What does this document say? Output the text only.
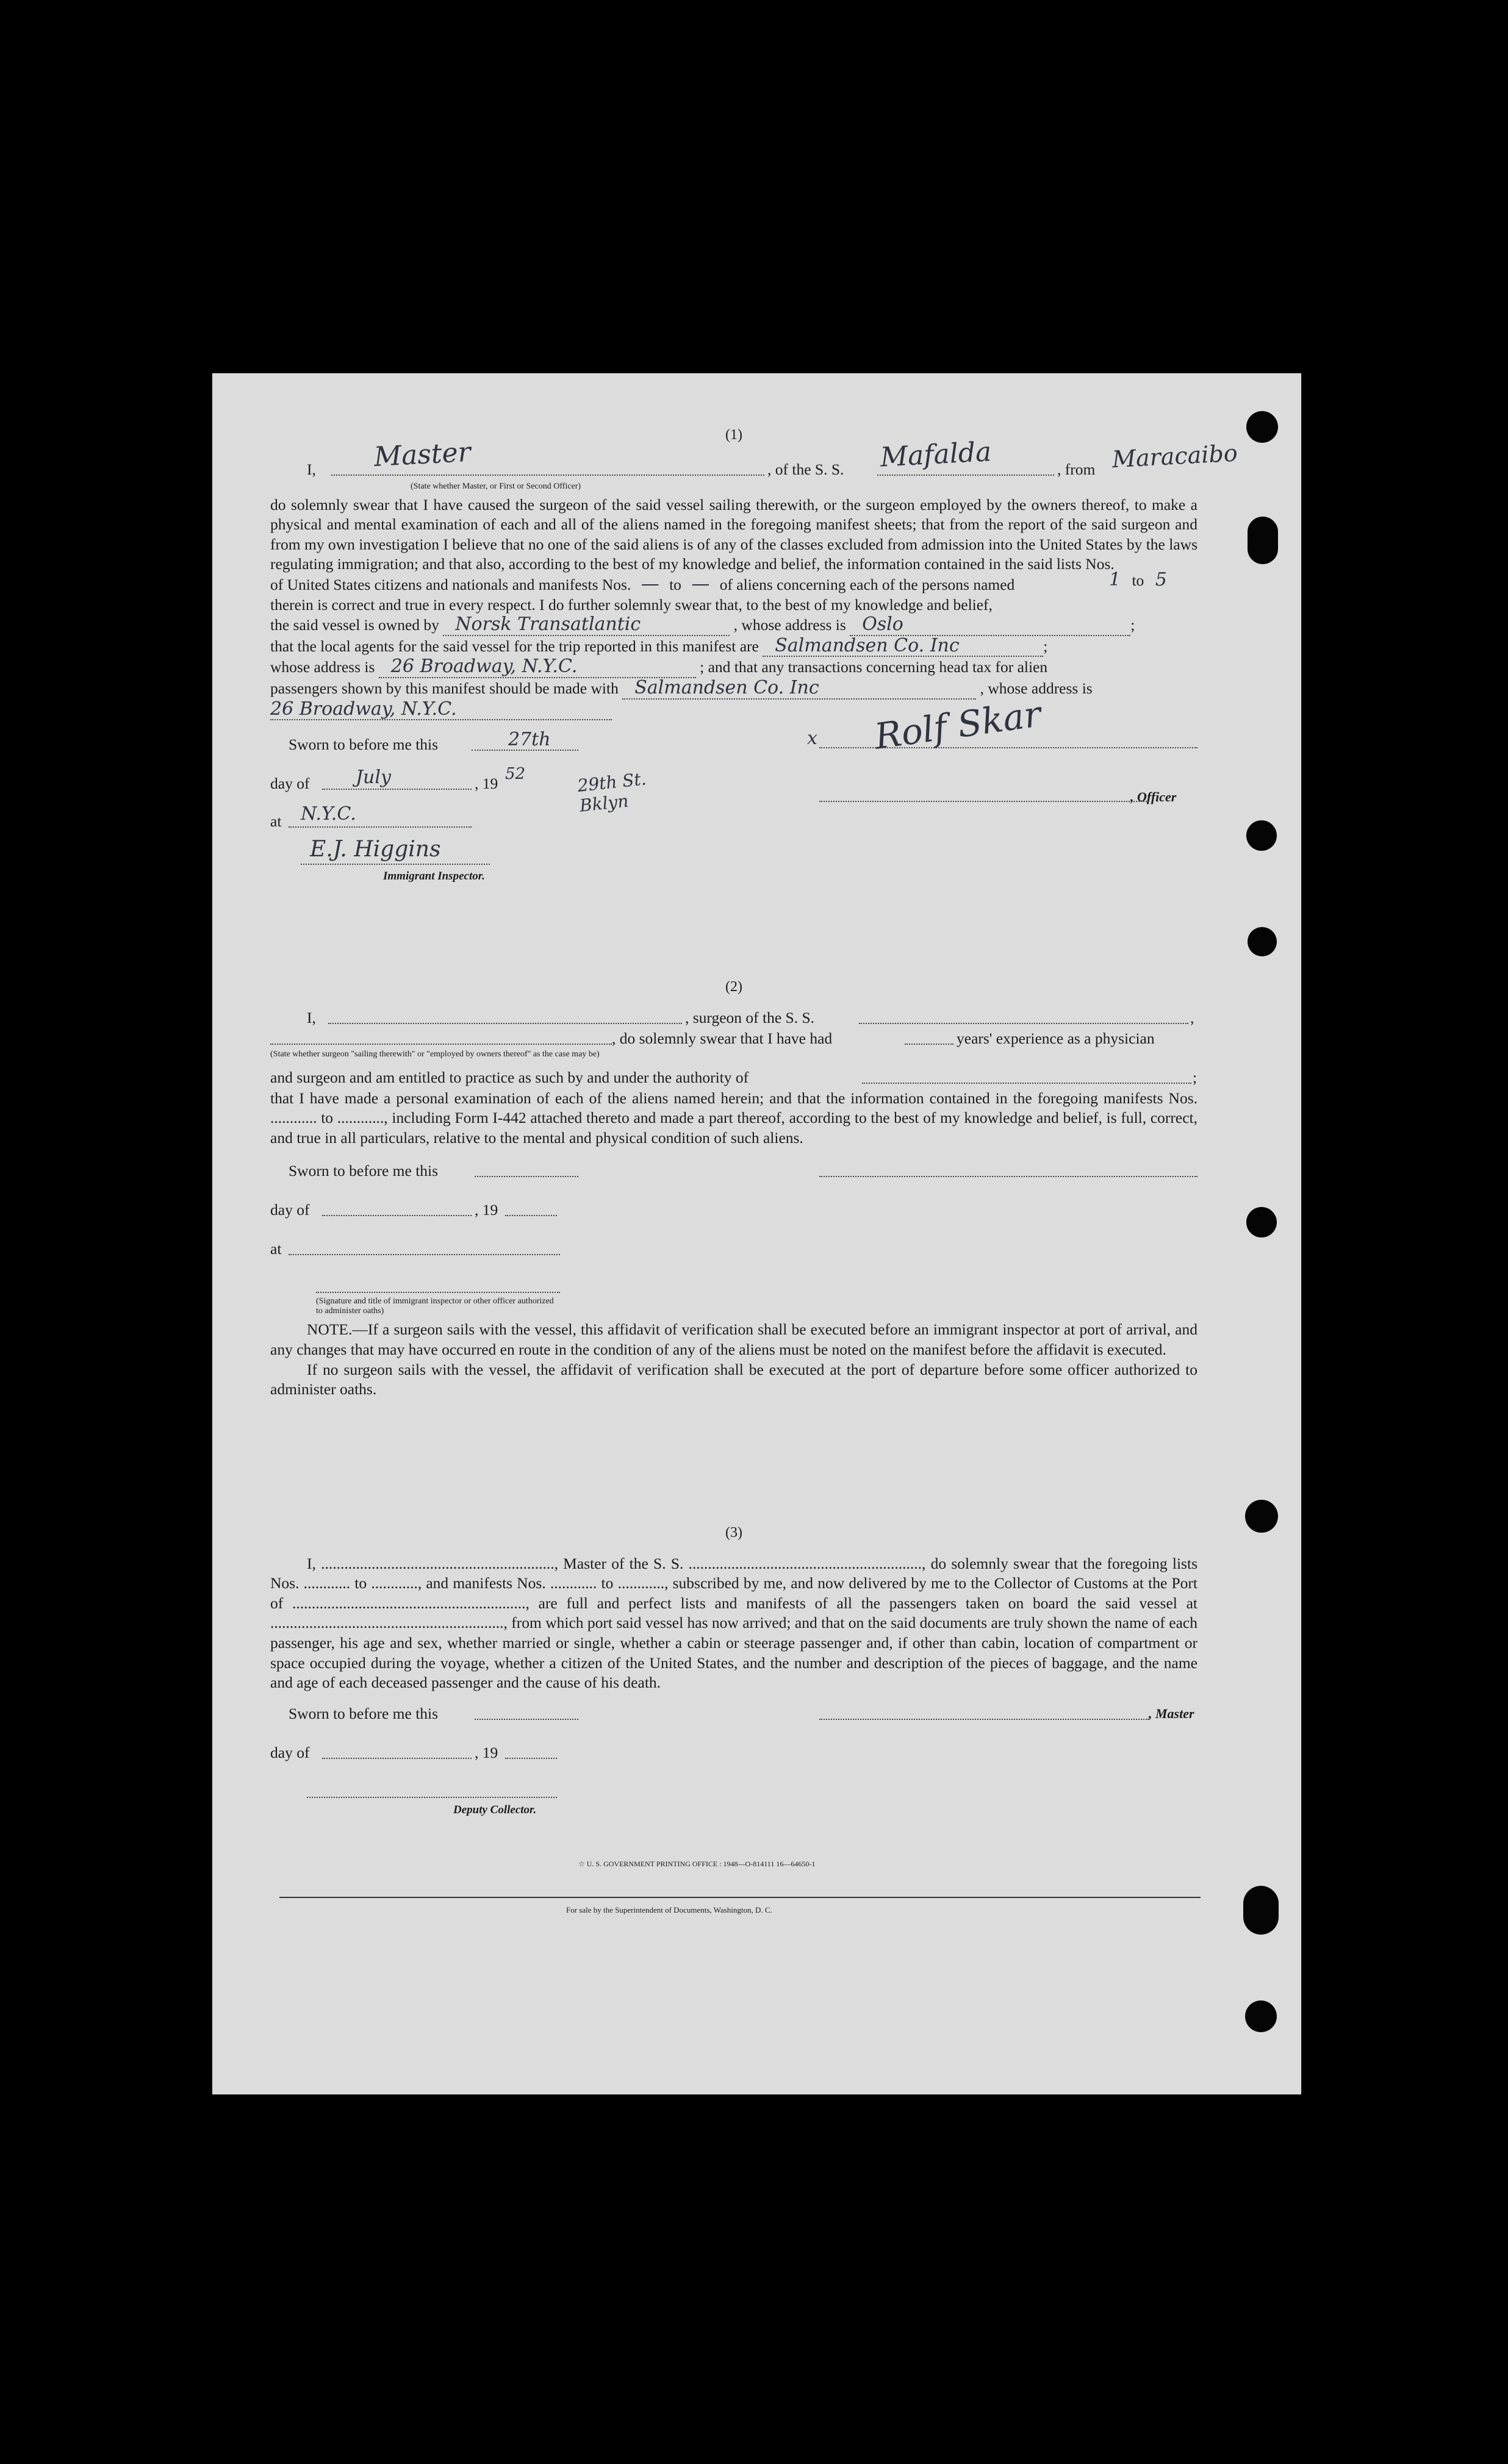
(1)
I, Master	, of the S. S. Mafalda	, from Maracaibo
(State whether Master, or First or Second Officer)
do solemnly swear that I have caused the surgeon of the said vessel sailing therewith, or the surgeon employed by the owners thereof, to make a physical and mental examination of each and all of the aliens named in the foregoing manifest sheets; that from the report of the said surgeon and from my own investigation I believe that no one of the said aliens is of any of the classes excluded from admission into the United States by the laws regulating immigration; and that also, according to the best of my knowledge and belief, the information contained in the said lists Nos.
1 to 5
of United States citizens and nationals and manifests Nos. — to — of aliens concerning each of the persons named
therein is correct and true in every respect. I do further solemnly swear that, to the best of my knowledge and belief,
the said vessel is owned by Norsk Transatlantic	, whose address is Oslo	;
that the local agents for the said vessel for the trip reported in this manifest are Salmandsen Co. Inc	;
whose address is 26 Broadway, N.Y.C.	; and that any transactions concerning head tax for alien
passengers shown by this manifest should be made with Salmandsen Co. Inc	, whose address is
26 Broadway, N.Y.C.
Sworn to before me this	27th
day of	July	, 19
52
at N.Y.C.
29th St. Bklyn
E.J. Higgins
Immigrant Inspector.
x Rolf Skar
, Officer
(2)
I,	, surgeon of the S. S.	,
, do solemnly swear that I have had	years' experience as a physician
(State whether surgeon "sailing therewith" or "employed by owners thereof" as the case may be)
and surgeon and am entitled to practice as such by and under the authority of	;
that I have made a personal examination of each of the aliens named herein; and that the information contained in the foregoing manifests Nos. ............ to ............, including Form I-442 attached thereto and made a part thereof, according to the best of my knowledge and belief, is full, correct, and true in all particulars, relative to the mental and physical condition of such aliens.
Sworn to before me this
day of	, 19
at
(Signature and title of immigrant inspector or other officer authorized to administer oaths)
NOTE.—If a surgeon sails with the vessel, this affidavit of verification shall be executed before an immigrant inspector at port of arrival, and any changes that may have occurred en route in the condition of any of the aliens must be noted on the manifest before the affidavit is executed.
If no surgeon sails with the vessel, the affidavit of verification shall be executed at the port of departure before some officer authorized to administer oaths.
(3)
I, ............................................................, Master of the S. S. ............................................................, do solemnly swear that the foregoing lists Nos. ............ to ............, and manifests Nos. ............ to ............, subscribed by me, and now delivered by me to the Collector of Customs at the Port of ............................................................, are full and perfect lists and manifests of all the passengers taken on board the said vessel at ............................................................, from which port said vessel has now arrived; and that on the said documents are truly shown the name of each passenger, his age and sex, whether married or single, whether a cabin or steerage passenger and, if other than cabin, location of compartment or space occupied during the voyage, whether a citizen of the United States, and the number and description of the pieces of baggage, and the name and age of each deceased passenger and the cause of his death.
Sworn to before me this	, Master
day of	, 19
Deputy Collector.
☆ U. S. GOVERNMENT PRINTING OFFICE : 1948—O-814111 16—64650-1
For sale by the Superintendent of Documents, Washington, D. C.
